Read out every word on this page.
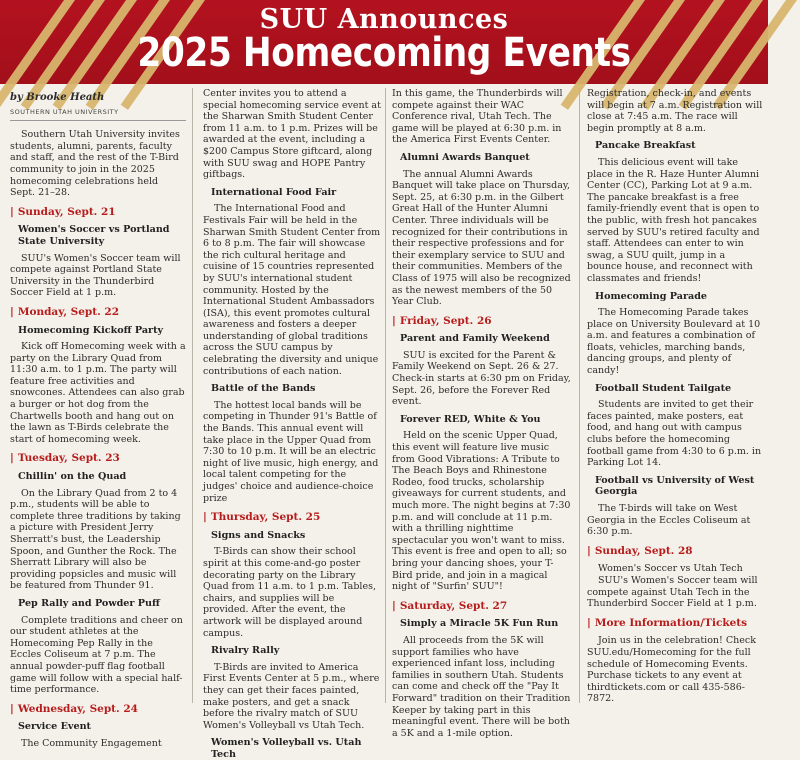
SUU Announces
2025 Homecoming Events
by Brooke Heath
SOUTHERN UTAH UNIVERSITY

Southern Utah University invites students, alumni, parents, faculty and staff, and the rest of the T-Bird community to join in the 2025 homecoming celebrations held Sept. 21–28.

| Sunday, Sept. 21
Women's Soccer vs Portland State University

SUU's Women's Soccer team will compete against Portland State University in the Thunderbird Soccer Field at 1 p.m.

| Monday, Sept. 22
Homecoming Kickoff Party

Kick off Homecoming week with a party on the Library Quad from 11:30 a.m. to 1 p.m. The party will feature free activities and snowcones. Attendees can also grab a burger or hot dog from the Chartwells booth and hang out on the lawn as T-Birds celebrate the start of homecoming week.

| Tuesday, Sept. 23
Chillin' on the Quad

On the Library Quad from 2 to 4 p.m., students will be able to complete three traditions by taking a picture with President Jerry Sherratt's bust, the Leadership Spoon, and Gunther the Rock. The Sherratt Library will also be providing popsicles and music will be featured from Thunder 91.

Pep Rally and Powder Puff

Complete traditions and cheer on our student athletes at the Homecoming Pep Rally in the Eccles Coliseum at 7 p.m. The annual powder-puff flag football game will follow with a special half-time performance.

| Wednesday, Sept. 24
Service Event

The Community Engagement

Center invites you to attend a special homecoming service event at the Sharwan Smith Student Center from 11 a.m. to 1 p.m. Prizes will be awarded at the event, including a $200 Campus Store giftcard, along with SUU swag and HOPE Pantry giftbags.

International Food Fair

The International Food and Festivals Fair will be held in the Sharwan Smith Student Center from 6 to 8 p.m. The fair will showcase the rich cultural heritage and cuisine of 15 countries represented by SUU's international student community. Hosted by the International Student Ambassadors (ISA), this event promotes cultural awareness and fosters a deeper understanding of global traditions across the SUU campus by celebrating the diversity and unique contributions of each nation.

Battle of the Bands

The hottest local bands will be competing in Thunder 91's Battle of the Bands. This annual event will take place in the Upper Quad from 7:30 to 10 p.m. It will be an electric night of live music, high energy, and local talent competing for the judges' choice and audience-choice prize

| Thursday, Sept. 25
Signs and Snacks

T-Birds can show their school spirit at this come-and-go poster decorating party on the Library Quad from 11 a.m. to 1 p.m. Tables, chairs, and supplies will be provided. After the event, the artwork will be displayed around campus.

Rivalry Rally

T-Birds are invited to America First Events Center at 5 p.m., where they can get their faces painted, make posters, and get a snack before the rivalry match of SUU Women's Volleyball vs Utah Tech.

Women's Volleyball vs. Utah Tech

In this game, the Thunderbirds will compete against their WAC Conference rival, Utah Tech. The game will be played at 6:30 p.m. in the America First Events Center.

Alumni Awards Banquet

The annual Alumni Awards Banquet will take place on Thursday, Sept. 25, at 6:30 p.m. in the Gilbert Great Hall of the Hunter Alumni Center. Three individuals will be recognized for their contributions in their respective professions and for their exemplary service to SUU and their communities. Members of the Class of 1975 will also be recognized as the newest members of the 50 Year Club.

| Friday, Sept. 26
Parent and Family Weekend

SUU is excited for the Parent & Family Weekend on Sept. 26 & 27. Check-in starts at 6:30 pm on Friday, Sept. 26, before the Forever Red event.

Forever RED, White & You

Held on the scenic Upper Quad, this event will feature live music from Good Vibrations: A Tribute to The Beach Boys and Rhinestone Rodeo, food trucks, scholarship giveaways for current students, and much more. The night begins at 7:30 p.m. and will conclude at 11 p.m. with a thrilling nighttime spectacular you won't want to miss. This event is free and open to all; so bring your dancing shoes, your T-Bird pride, and join in a magical night of "Surfin' SUU"!

| Saturday, Sept. 27
Simply a Miracle 5K Fun Run

All proceeds from the 5K will support families who have experienced infant loss, including families in southern Utah. Students can come and check off the "Pay It Forward" tradition on their Tradition Keeper by taking part in this meaningful event. There will be both a 5K and a 1-mile option.

Registration, check-in, and events will begin at 7 a.m. Registration will close at 7:45 a.m. The race will begin promptly at 8 a.m.

Pancake Breakfast

This delicious event will take place in the R. Haze Hunter Alumni Center (CC), Parking Lot at 9 a.m. The pancake breakfast is a free family-friendly event that is open to the public, with fresh hot pancakes served by SUU's retired faculty and staff. Attendees can enter to win swag, a SUU quilt, jump in a bounce house, and reconnect with classmates and friends!

Homecoming Parade

The Homecoming Parade takes place on University Boulevard at 10 a.m. and features a combination of floats, vehicles, marching bands, dancing groups, and plenty of candy!

Football Student Tailgate

Students are invited to get their faces painted, make posters, eat food, and hang out with campus clubs before the homecoming football game from 4:30 to 6 p.m. in Parking Lot 14.

Football vs University of West Georgia

The T-birds will take on West Georgia in the Eccles Coliseum at 6:30 p.m.

| Sunday, Sept. 28

Women's Soccer vs Utah Tech

SUU's Women's Soccer team will compete against Utah Tech in the Thunderbird Soccer Field at 1 p.m.

| More Information/Tickets

Join us in the celebration! Check SUU.edu/Homecoming for the full schedule of Homecoming Events. Purchase tickets to any event at thirdtickets.com or call 435-586-7872.
